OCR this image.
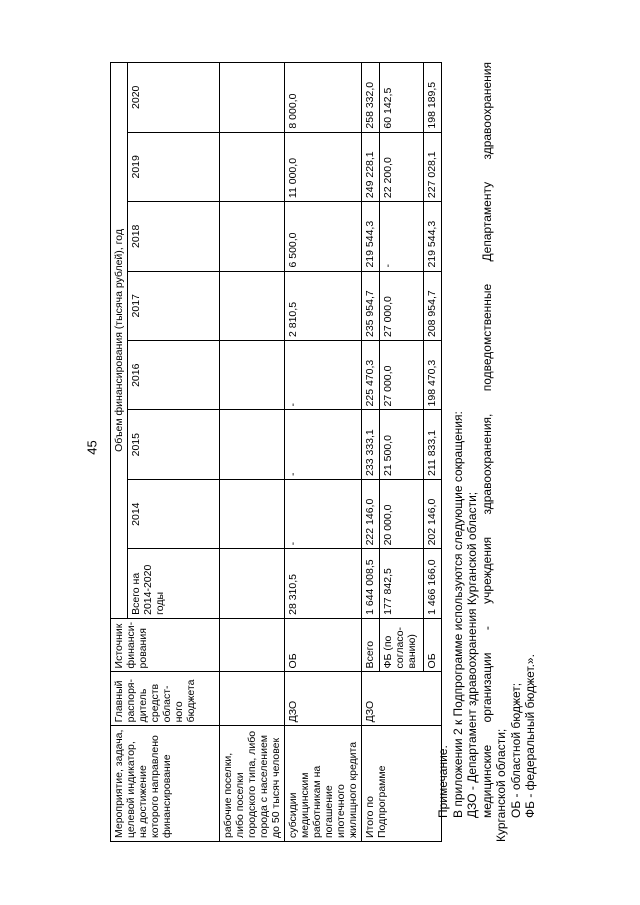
45
Мероприятие, задача, целевой индикатор, на достижение которого направлено финансирование	Главный распоря-дитель средств област-ного бюджета	Источник финанси-рования	Объем финансирования (тысяча рублей), год							
			Всего на 2014-2020 годы	2014	2015	2016	2017	2018	2019	2020
рабочие поселки, либо поселки городского типа, либо города с населением до 50 тысяч человек										
субсидии медицинским работникам на погашение ипотечного жилищного кредита	ДЗО	ОБ	28 310,5	-	-	-	2 810,5	6 500,0	11 000,0	8 000,0
Итого по Подпрограмме	ДЗО	Всего	1 644 008,5	222 146,0	233 333,1	225 470,3	235 954,7	219 544,3	249 228,1	258 332,0
		ФБ (по согласо-ванию)	177 842,5	20 000,0	21 500,0	27 000,0	27 000,0	-	22 200,0	60 142,5
		ОБ	1 466 166,0	202 146,0	211 833,1	198 470,3	208 954,7	219 544,3	227 028,1	198 189,5

Примечание. В приложении 2 к Подпрограмме используются следующие сокращения: ДЗО - Департамент здравоохранения Курганской области; медицинские организации - учреждения здравоохранения, подведомственные Департаменту здравоохранения Курганской области; ОБ - областной бюджет; ФБ - федеральный бюджет.».
